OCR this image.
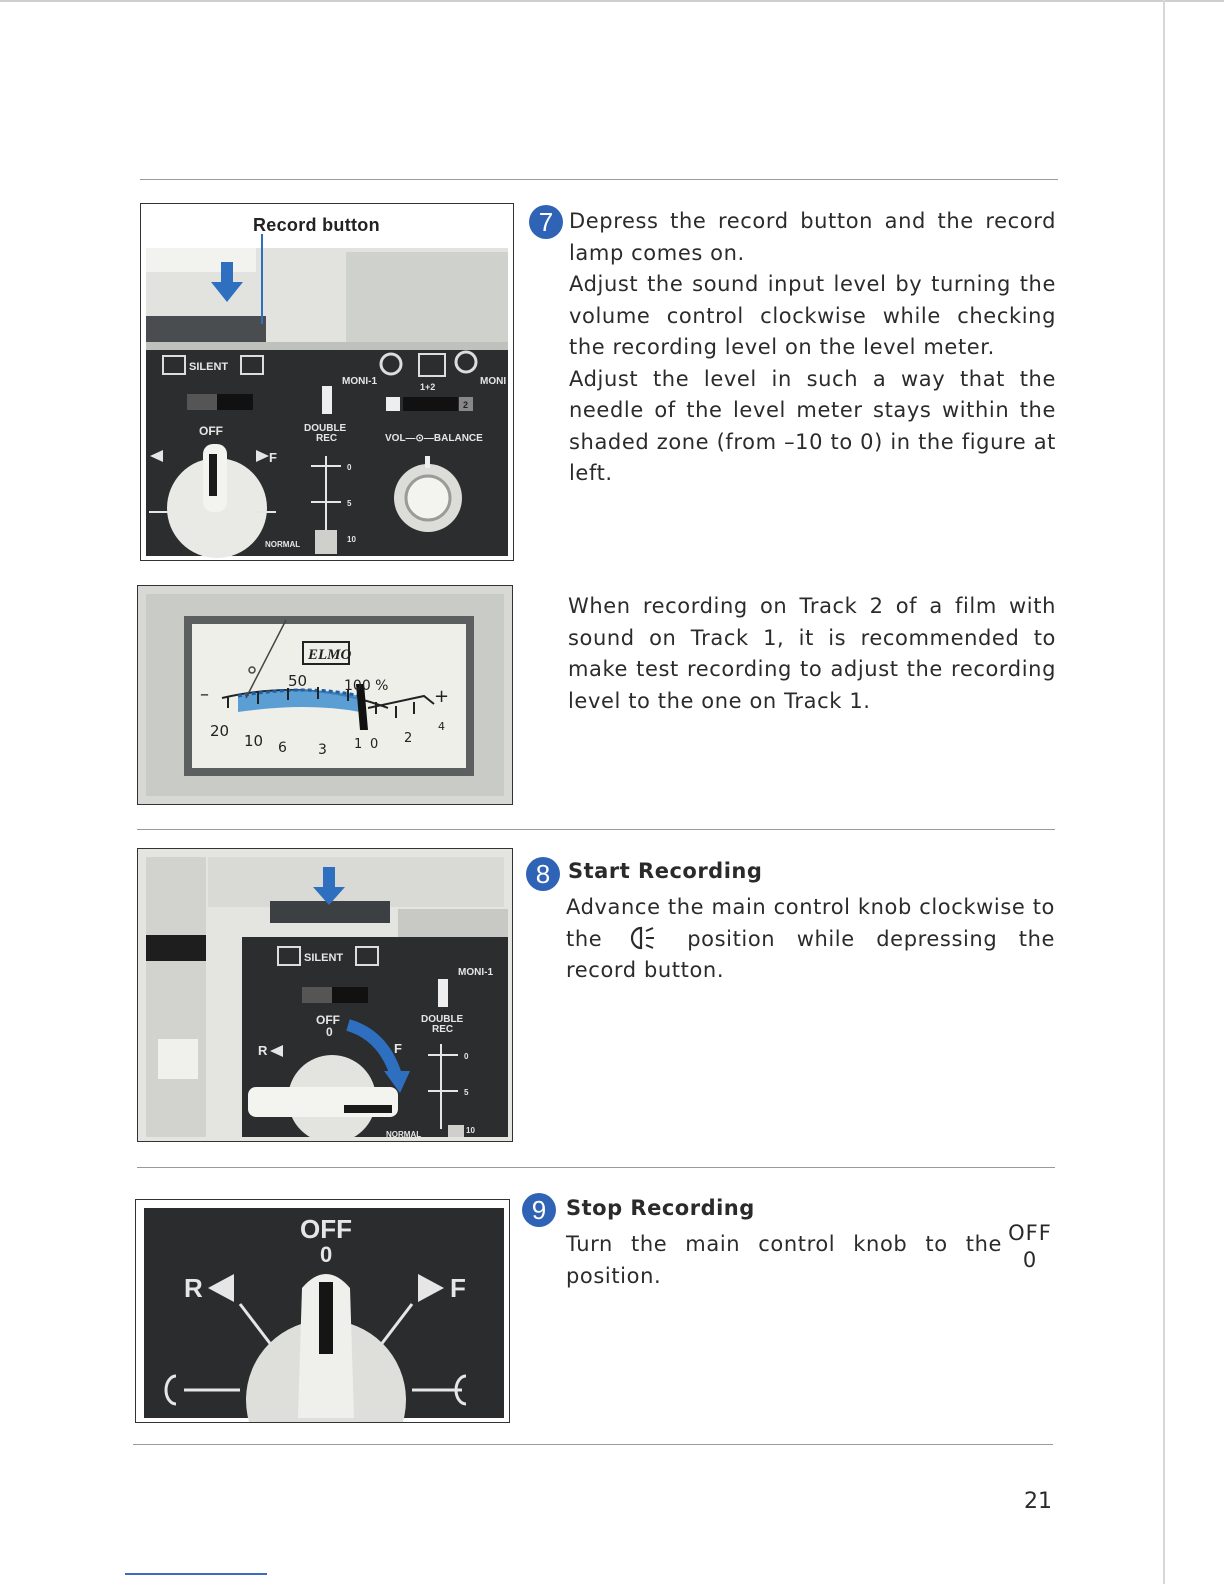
Record button
SILENT
OFF
F
MONI-1	MONI
1+2
2
DOUBLE
REC	VOL—⊙—BALANCE
0
5
10
NORMAL
ELMO
–	+
50	100 %
20
10 6 3 1 0 2
4
SILENT
MONI-1
OFF
0
R	F
DOUBLE
REC
0
5
10
NORMAL
OFF
0
R	F
7 Depress the record button and the record lamp comes on.
Adjust the sound input level by turning the volume control clockwise while checking the recording level on the level meter.
Adjust the level in such a way that the needle of the level meter stays within the shaded zone (from –10 to 0) in the figure at left.
When recording on Track 2 of a film with sound on Track 1, it is recommended to make test recording to adjust the recording level to the one on Track 1.
8 Start Recording
Advance the main control knob clockwise to the	position while depressing the record button.
9 Stop Recording
Turn the main control knob to the OFF
0
position.
21
